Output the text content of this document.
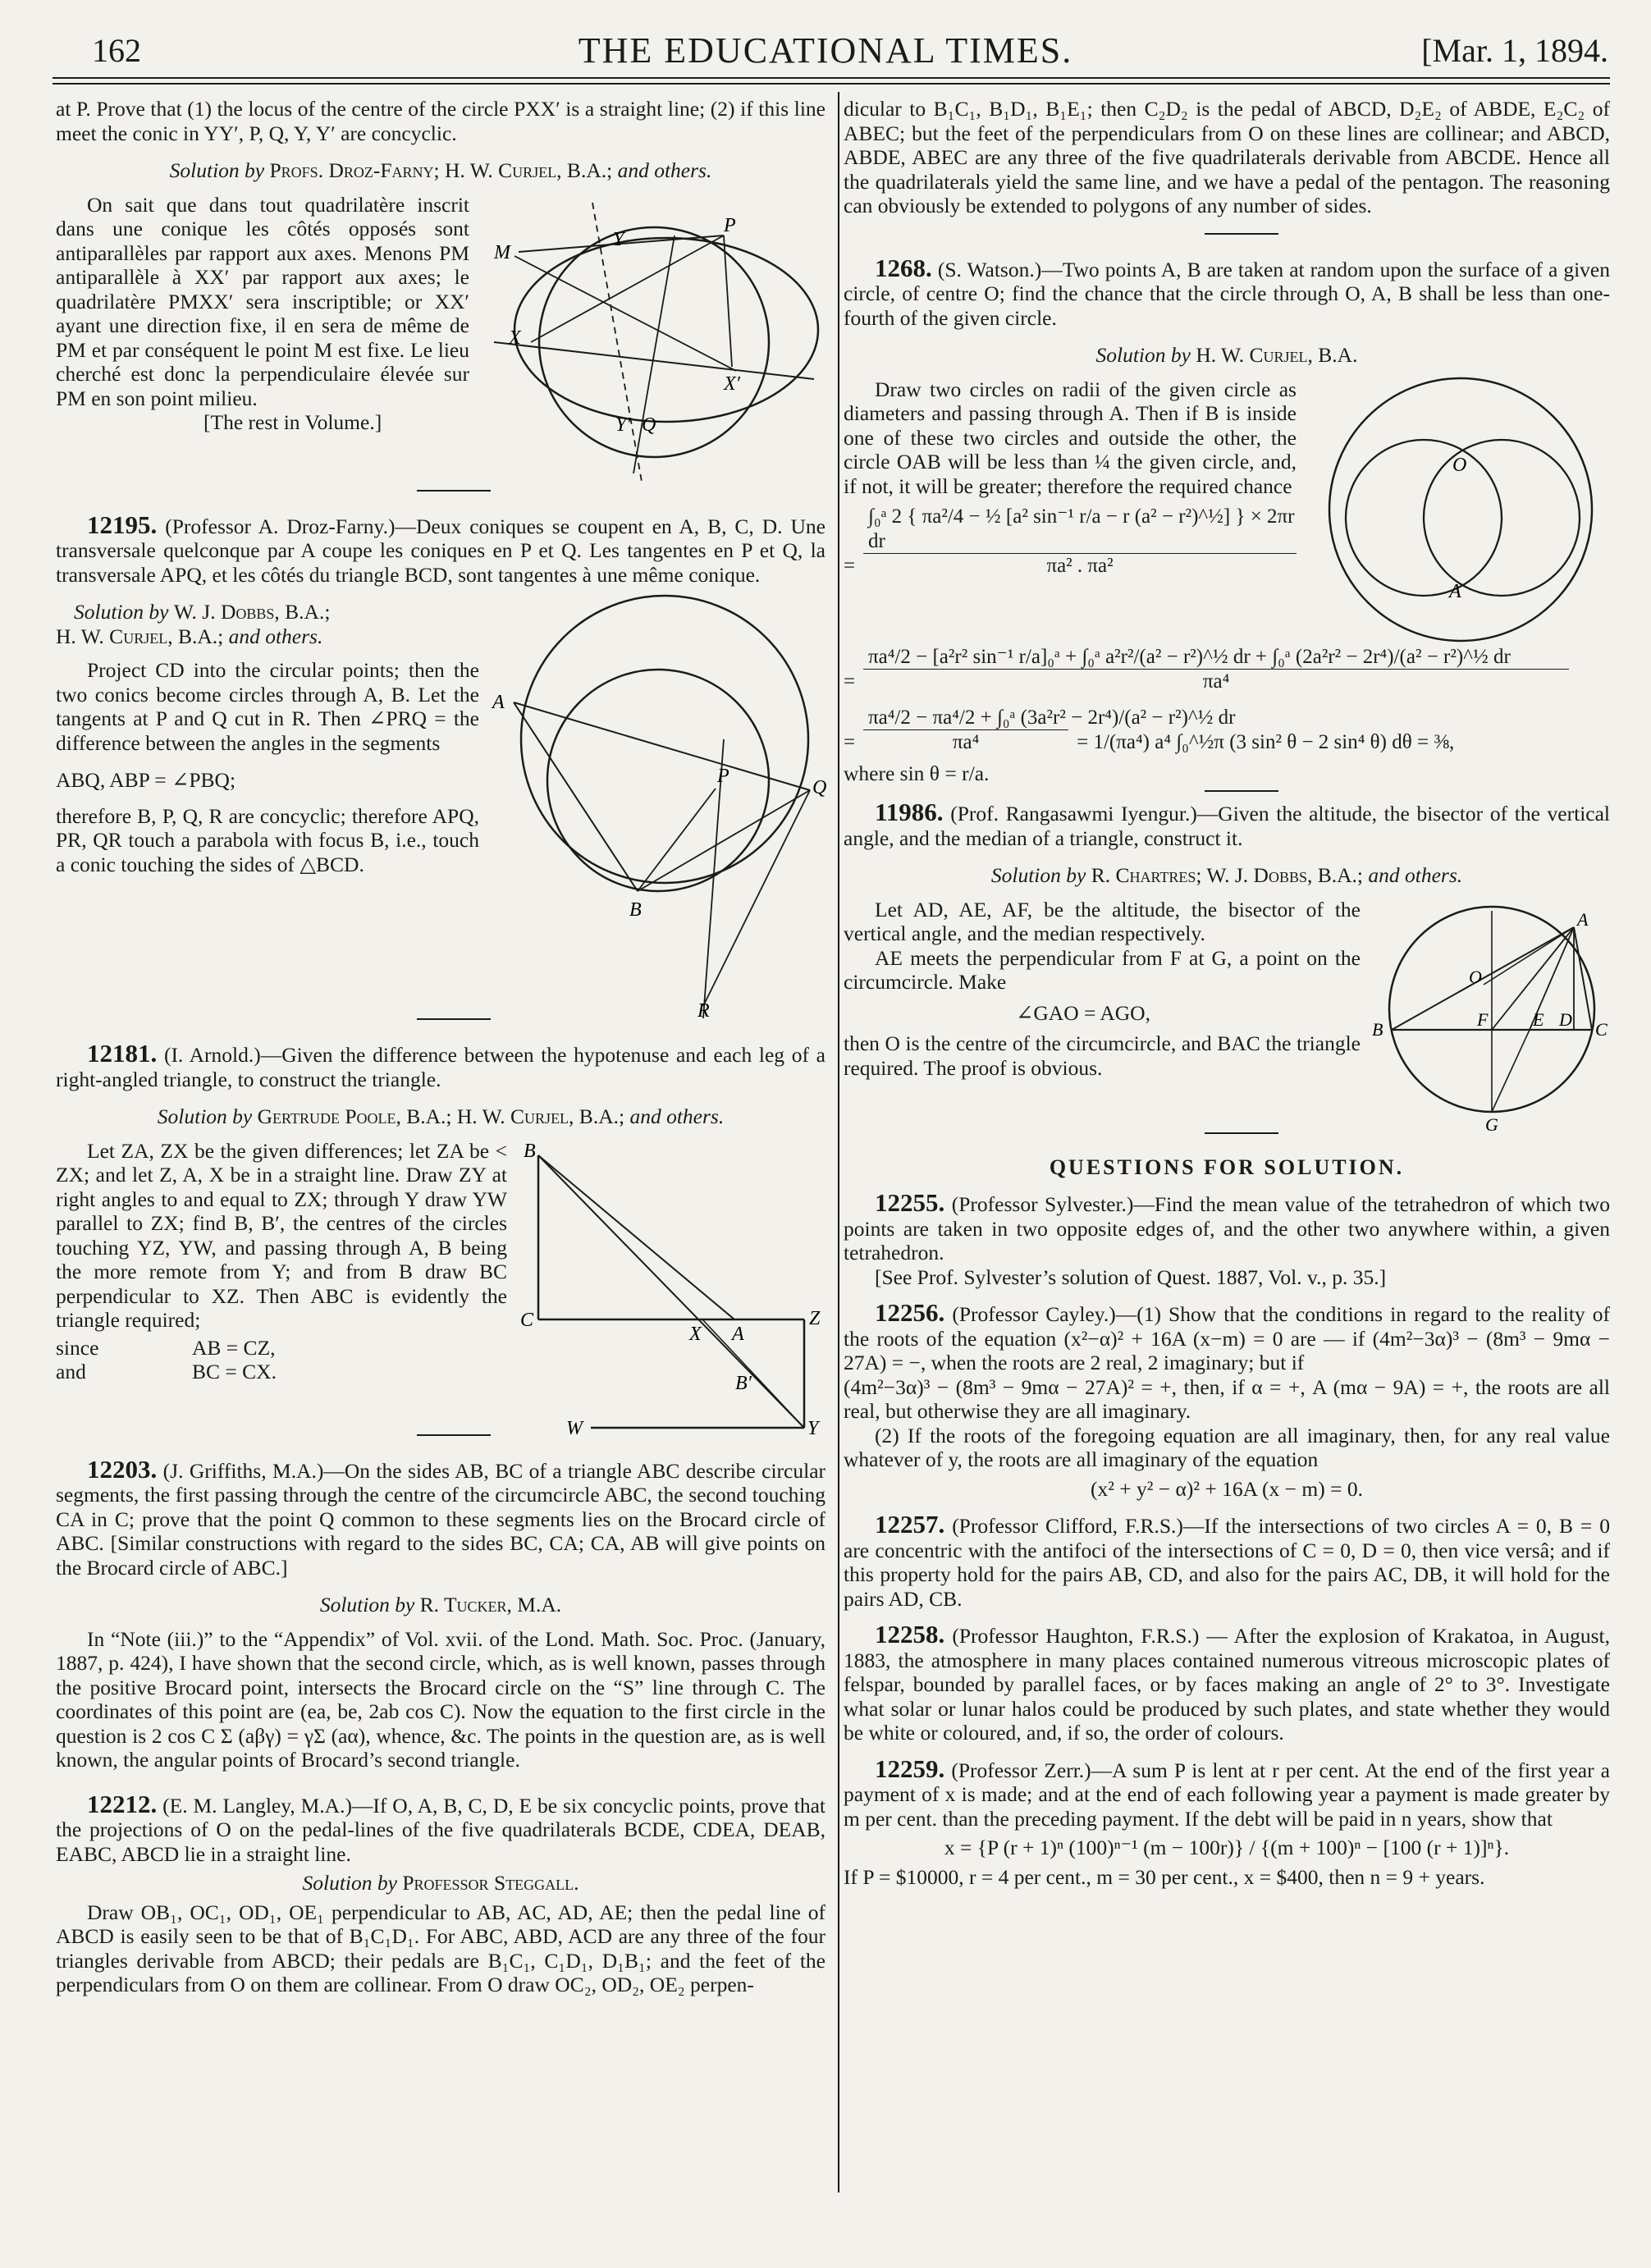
162	THE EDUCATIONAL TIMES.	[Mar. 1, 1894.

at P. Prove that (1) the locus of the centre of the circle PXX′ is a straight line; (2) if this line meet the conic in YY′, P, Q, Y, Y′ are concyclic.

Solution by Profs. Droz-Farny; H. W. Curjel, B.A.; and others.
P
M
Y
X
X′
Y′ Q

On sait que dans tout quadrilatère inscrit dans une conique les côtés opposés sont antiparallèles par rapport aux axes. Menons PM antiparallèle à XX′ par rapport aux axes; le quadrilatère PMXX′ sera inscriptible; or XX′ ayant une direction fixe, il en sera de même de PM et par conséquent le point M est fixe. Le lieu cherché est donc la perpendiculaire élevée sur PM en son point milieu.

[The rest in Volume.]

12195. (Professor A. Droz-Farny.)—Deux coniques se coupent en A, B, C, D. Une transversale quelconque par A coupe les coniques en P et Q. Les tangentes en P et Q, la transversale APQ, et les côtés du triangle BCD, sont tangentes à une même conique.

A
P
Q
B
R
Solution by W. J. Dobbs, B.A.;
H. W. Curjel, B.A.; and others.

Project CD into the circular points; then the two conics become circles through A, B. Let the tangents at P and Q cut in R. Then ∠PRQ = the difference between the angles in the segments

ABQ, ABP = ∠PBQ;

therefore B, P, Q, R are concyclic; therefore APQ, PR, QR touch a parabola with focus B, i.e., touch a conic touching the sides of △BCD.

12181. (I. Arnold.)—Given the difference between the hypotenuse and each leg of a right-angled triangle, to construct the triangle.

Solution by Gertrude Poole, B.A.; H. W. Curjel, B.A.; and others.
B
C
X A
Z
B′
W	Y

Let ZA, ZX be the given differences; let ZA be < ZX; and let Z, A, X be in a straight line. Draw ZY at right angles to and equal to ZX; through Y draw YW parallel to ZX; find B, B′, the centres of the circles touching YZ, YW, and passing through A, B being the more remote from Y; and from B draw BC perpendicular to XZ. Then ABC is evidently the triangle required;

since	AB = CZ,
and	BC = CX.

12203. (J. Griffiths, M.A.)—On the sides AB, BC of a triangle ABC describe circular segments, the first passing through the centre of the circumcircle ABC, the second touching CA in C; prove that the point Q common to these segments lies on the Brocard circle of ABC. [Similar constructions with regard to the sides BC, CA; CA, AB will give points on the Brocard circle of ABC.]

Solution by R. Tucker, M.A.

In “Note (iii.)” to the “Appendix” of Vol. xvii. of the Lond. Math. Soc. Proc. (January, 1887, p. 424), I have shown that the second circle, which, as is well known, passes through the positive Brocard point, intersects the Brocard circle on the “S” line through C. The coordinates of this point are (ea, be, 2ab cos C). Now the equation to the first circle in the question is 2 cos C Σ (aβγ) = γΣ (aα), whence, &c. The points in the question are, as is well known, the angular points of Brocard’s second triangle.

12212. (E. M. Langley, M.A.)—If O, A, B, C, D, E be six concyclic points, prove that the projections of O on the pedal-lines of the five quadrilaterals BCDE, CDEA, DEAB, EABC, ABCD lie in a straight line.

Solution by Professor Steggall.

Draw OB₁, OC₁, OD₁, OE₁ perpendicular to AB, AC, AD, AE; then the pedal line of ABCD is easily seen to be that of B₁C₁D₁. For ABC, ABD, ACD are any three of the four triangles derivable from ABCD; their pedals are B₁C₁, C₁D₁, D₁B₁; and the feet of the perpendiculars from O on them are collinear. From O draw OC₂, OD₂, OE₂ perpen-

dicular to B₁C₁, B₁D₁, B₁E₁; then C₂D₂ is the pedal of ABCD, D₂E₂ of ABDE, E₂C₂ of ABEC; but the feet of the perpendiculars from O on these lines are collinear; and ABCD, ABDE, ABEC are any three of the five quadrilaterals derivable from ABCDE. Hence all the quadrilaterals yield the same line, and we have a pedal of the pentagon. The reasoning can obviously be extended to polygons of any number of sides.

1268. (S. Watson.)—Two points A, B are taken at random upon the surface of a given circle, of centre O; find the chance that the circle through O, A, B shall be less than one-fourth of the given circle.

Solution by H. W. Curjel, B.A.
O
A

Draw two circles on radii of the given circle as diameters and passing through A. Then if B is inside one of these two circles and outside the other, the circle OAB will be less than ¼ the given circle, and, if not, it will be greater; therefore the required chance

∫₀ᵃ 2 { πa²/4 − ½ [a² sin⁻¹ r/a − r (a² − r²)^½] } × 2πr dr
=	πa² . πa²
πa⁴/2 − [a²r² sin⁻¹ r/a]₀ᵃ + ∫₀ᵃ a²r²/(a² − r²)^½ dr + ∫₀ᵃ (2a²r² − 2r⁴)/(a² − r²)^½ dr
=	πa⁴
πa⁴/2 − πa⁴/2 + ∫₀ᵃ (3a²r² − 2r⁴)/(a² − r²)^½ dr
=	πa⁴	= 1/(πa⁴) a⁴ ∫₀^½π (3 sin² θ − 2 sin⁴ θ) dθ = ⅜,

where sin θ = r/a.

11986. (Prof. Rangasawmi Iyengur.)—Given the altitude, the bisector of the vertical angle, and the median of a triangle, construct it.

Solution by R. Chartres; W. J. Dobbs, B.A.; and others.
A
O
B	F E D C
G

Let AD, AE, AF, be the altitude, the bisector of the vertical angle, and the median respectively.

AE meets the perpendicular from F at G, a point on the circumcircle. Make

∠GAO = AGO,

then O is the centre of the circumcircle, and BAC the triangle required. The proof is obvious.

QUESTIONS FOR SOLUTION.

12255. (Professor Sylvester.)—Find the mean value of the tetrahedron of which two points are taken in two opposite edges of, and the other two anywhere within, a given tetrahedron.

[See Prof. Sylvester’s solution of Quest. 1887, Vol. v., p. 35.]

12256. (Professor Cayley.)—(1) Show that the conditions in regard to the reality of the roots of the equation (x²−α)² + 16A (x−m) = 0 are — if (4m²−3α)³ − (8m³ − 9mα − 27A) = −, when the roots are 2 real, 2 imaginary; but if

(4m²−3α)³ − (8m³ − 9mα − 27A)² = +, then, if α = +, A (mα − 9A) = +, the roots are all real, but otherwise they are all imaginary.

(2) If the roots of the foregoing equation are all imaginary, then, for any real value whatever of y, the roots are all imaginary of the equation

(x² + y² − α)² + 16A (x − m) = 0.

12257. (Professor Clifford, F.R.S.)—If the intersections of two circles A = 0, B = 0 are concentric with the antifoci of the intersections of C = 0, D = 0, then vice versâ; and if this property hold for the pairs AB, CD, and also for the pairs AC, DB, it will hold for the pairs AD, CB.

12258. (Professor Haughton, F.R.S.) — After the explosion of Krakatoa, in August, 1883, the atmosphere in many places contained numerous vitreous microscopic plates of felspar, bounded by parallel faces, or by faces making an angle of 2° to 3°. Investigate what solar or lunar halos could be produced by such plates, and state whether they would be white or coloured, and, if so, the order of colours.

12259. (Professor Zerr.)—A sum P is lent at r per cent. At the end of the first year a payment of x is made; and at the end of each following year a payment is made greater by m per cent. than the preceding payment. If the debt will be paid in n years, show that

x = {P (r + 1)ⁿ (100)ⁿ⁻¹ (m − 100r)} / {(m + 100)ⁿ − [100 (r + 1)]ⁿ}.

If P = $10000, r = 4 per cent., m = 30 per cent., x = $400, then n = 9 + years.
